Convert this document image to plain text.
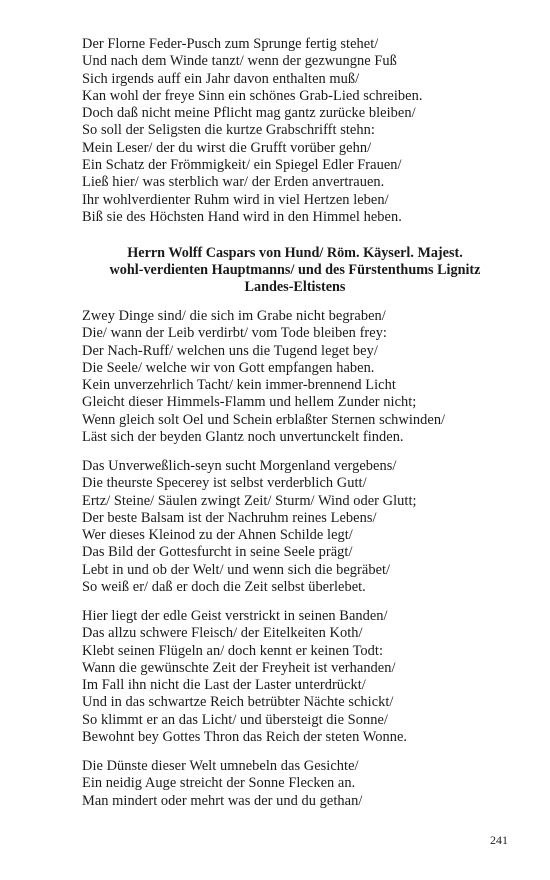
Der Florne Feder-Pusch zum Sprunge fertig stehet/
Und nach dem Winde tanzt/ wenn der gezwungne Fuß
Sich irgends auff ein Jahr davon enthalten muß/
Kan wohl der freye Sinn ein schönes Grab-Lied schreiben.
Doch daß nicht meine Pflicht mag gantz zurücke bleiben/
So soll der Seligsten die kurtze Grabschrifft stehn:
Mein Leser/ der du wirst die Grufft vorüber gehn/
Ein Schatz der Frömmigkeit/ ein Spiegel Edler Frauen/
Ließ hier/ was sterblich war/ der Erden anvertrauen.
Ihr wohlverdienter Ruhm wird in viel Hertzen leben/
Biß sie des Höchsten Hand wird in den Himmel heben.
Herrn Wolff Caspars von Hund/ Röm. Käyserl. Majest.
wohl-verdienten Hauptmanns/ und des Fürstenthums Lignitz
Landes-Eltistens
Zwey Dinge sind/ die sich im Grabe nicht begraben/
Die/ wann der Leib verdirbt/ vom Tode bleiben frey:
Der Nach-Ruff/ welchen uns die Tugend leget bey/
Die Seele/ welche wir von Gott empfangen haben.
Kein unverzehrlich Tacht/ kein immer-brennend Licht
Gleicht dieser Himmels-Flamm und hellem Zunder nicht;
Wenn gleich solt Oel und Schein erblaßter Sternen schwinden/
Läst sich der beyden Glantz noch unvertunckelt finden.
Das Unverweßlich-seyn sucht Morgenland vergebens/
Die theurste Specerey ist selbst verderblich Gutt/
Ertz/ Steine/ Säulen zwingt Zeit/ Sturm/ Wind oder Glutt;
Der beste Balsam ist der Nachruhm reines Lebens/
Wer dieses Kleinod zu der Ahnen Schilde legt/
Das Bild der Gottesfurcht in seine Seele prägt/
Lebt in und ob der Welt/ und wenn sich die begräbet/
So weiß er/ daß er doch die Zeit selbst überlebet.
Hier liegt der edle Geist verstrickt in seinen Banden/
Das allzu schwere Fleisch/ der Eitelkeiten Koth/
Klebt seinen Flügeln an/ doch kennt er keinen Todt:
Wann die gewünschte Zeit der Freyheit ist verhanden/
Im Fall ihn nicht die Last der Laster unterdrückt/
Und in das schwartze Reich betrübter Nächte schickt/
So klimmt er an das Licht/ und übersteigt die Sonne/
Bewohnt bey Gottes Thron das Reich der steten Wonne.
Die Dünste dieser Welt umnebeln das Gesichte/
Ein neidig Auge streicht der Sonne Flecken an.
Man mindert oder mehrt was der und du gethan/
241
